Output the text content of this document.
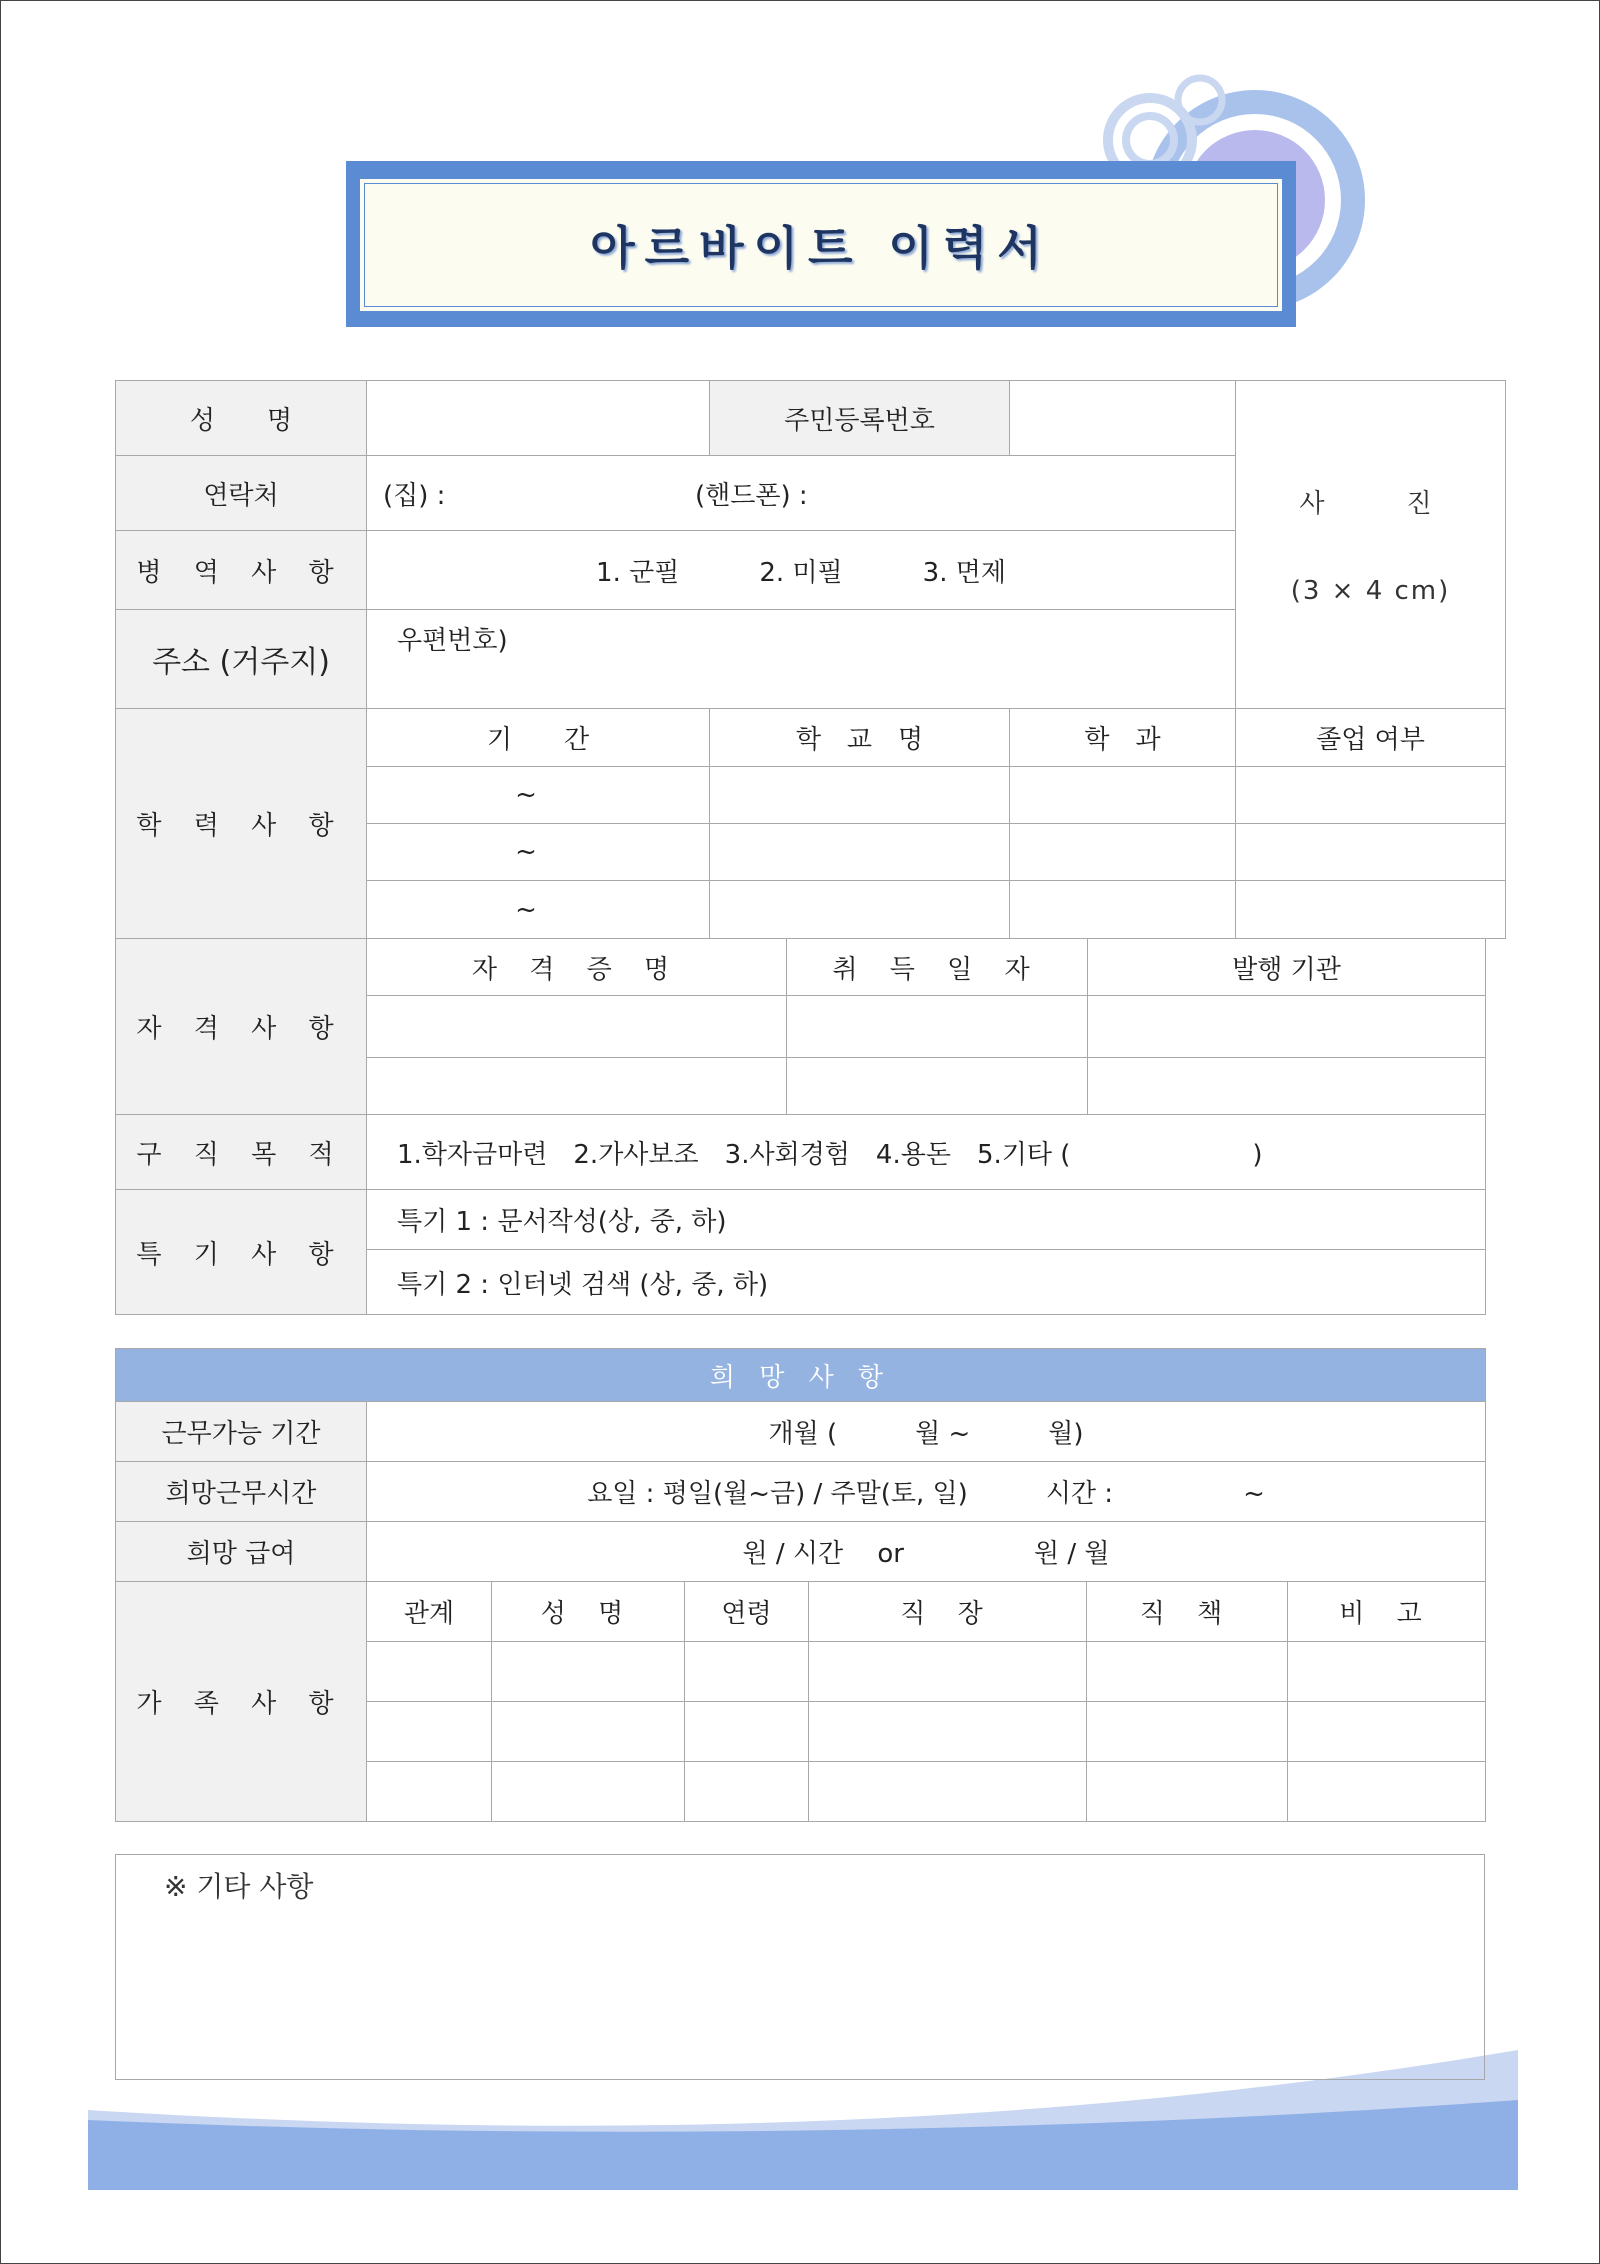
아르바이트 이력서
성　　명		주민등록번호		사　　진
(3 × 4 cm)

연락처	(집) : (핸드폰) :			
병 역 사 항	1. 군필 2. 미필 3. 면제			
주소 (거주지)	우편번호)			
학 력 사 항	기　　간	학　교　명	학　과	졸업 여부
	~			
	~			
	~			
자 격 사 항	자 격 증 명	취 득 일 자	발행 기관

구 직 목 적	1.학자금마련　2.가사보조　3.사회경험　4.용돈　5.기타 (　　　　　　　)
특 기 사 항	특기 1 : 문서작성(상, 중, 하)
	특기 2 : 인터넷 검색 (상, 중, 하)
희 망 사 항						
근무가능 기간	개월 (　　　월 ~　　　월)					
희망근무시간	요일 : 평일(월~금) / 주말(토, 일)　　　시간 :　　　　　~					
희망 급여	원 / 시간　 or　　　　　원 / 월					
가 족 사 항	관계	성 명	연령	직 장	직 책	비 고

※ 기타 사항
